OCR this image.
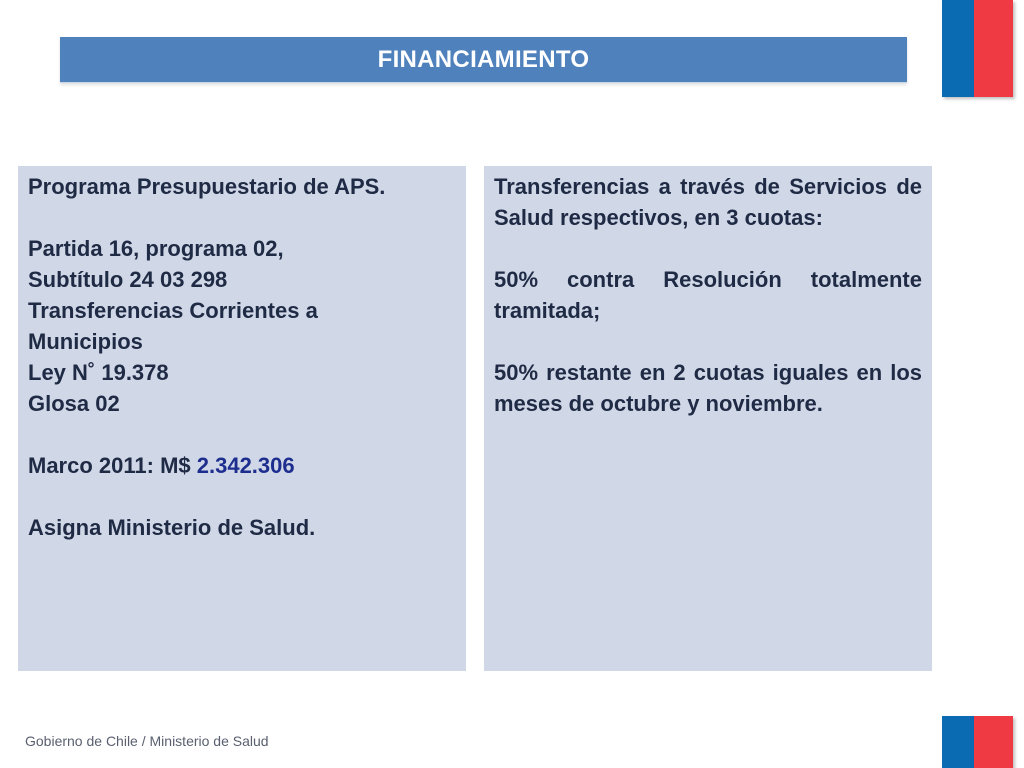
FINANCIAMIENTO
Programa Presupuestario de APS.
Partida 16, programa 02,
Subtítulo 24 03 298
Transferencias Corrientes a
Municipios
Ley N˚ 19.378
Glosa 02
Marco 2011: M$ 2.342.306
Asigna Ministerio de Salud.

Transferencias a través de Servicios de Salud respectivos, en 3 cuotas:

50% contra Resolución totalmente tramitada;

50% restante en 2 cuotas iguales en los meses de octubre y noviembre.

Gobierno de Chile / Ministerio de Salud
